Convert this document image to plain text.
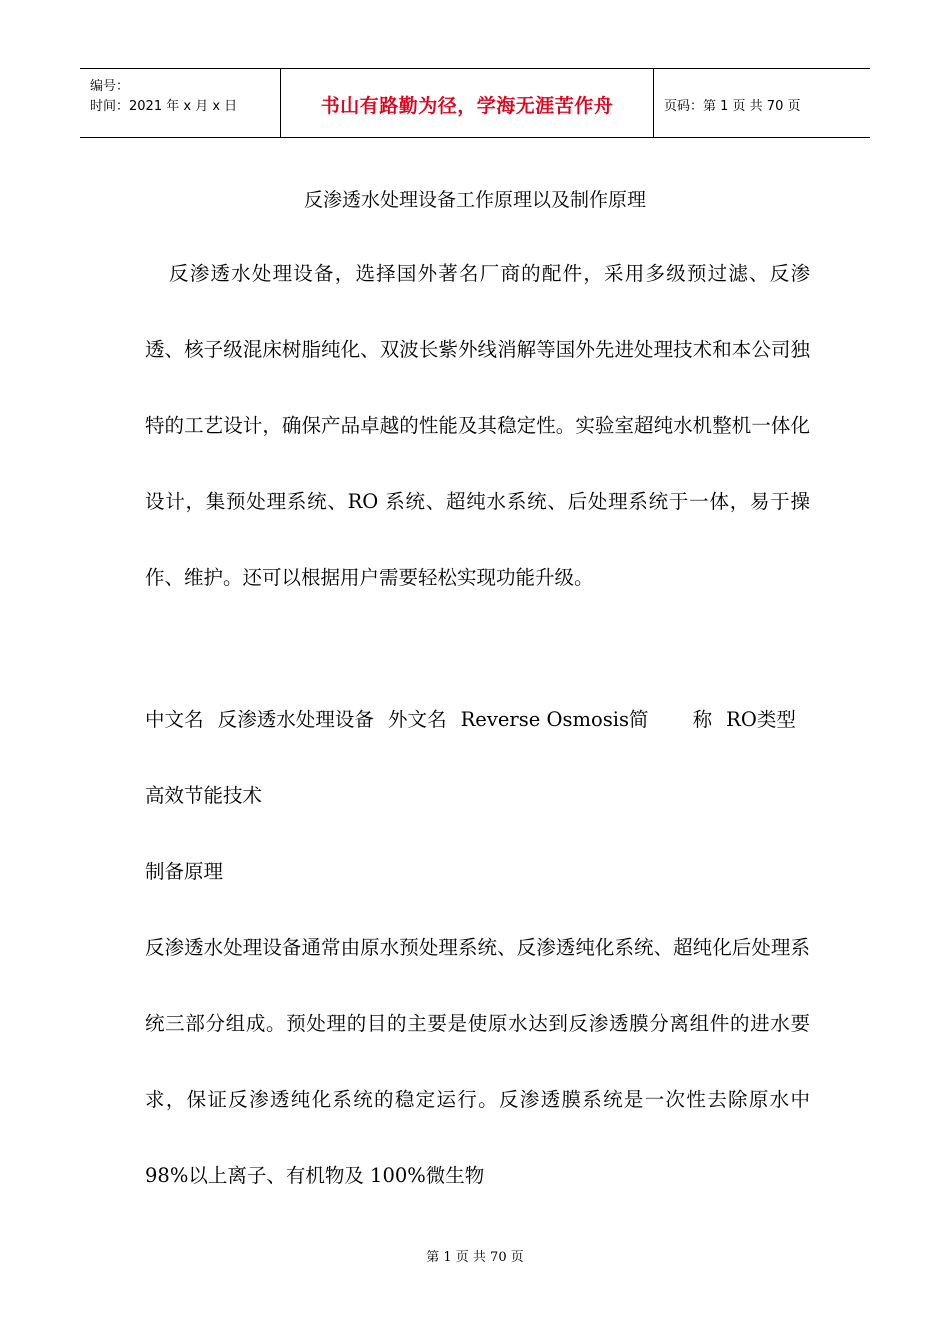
编号：
时间：2021 年 x 月 x 日	书山有路勤为径，学海无涯苦作舟	页码：第 1 页 共 70 页
反渗透水处理设备工作原理以及制作原理

反渗透水处理设备，选择国外著名厂商的配件，采用多级预过滤、反渗透、核子级混床树脂纯化、双波长紫外线消解等国外先进处理技术和本公司独特的工艺设计，确保产品卓越的性能及其稳定性。实验室超纯水机整机一体化设计，集预处理系统、RO 系统、超纯水系统、后处理系统于一体，易于操作、维护。还可以根据用户需要轻松实现功能升级。

中文名 反渗透水处理设备 外文名 Reverse Osmosis简 称 RO类型高效节能技术

制备原理

反渗透水处理设备通常由原水预处理系统、反渗透纯化系统、超纯化后处理系统三部分组成。预处理的目的主要是使原水达到反渗透膜分离组件的进水要求，保证反渗透纯化系统的稳定运行。反渗透膜系统是一次性去除原水中 98%以上离子、有机物及 100%微生物

第 1 页 共 70 页
